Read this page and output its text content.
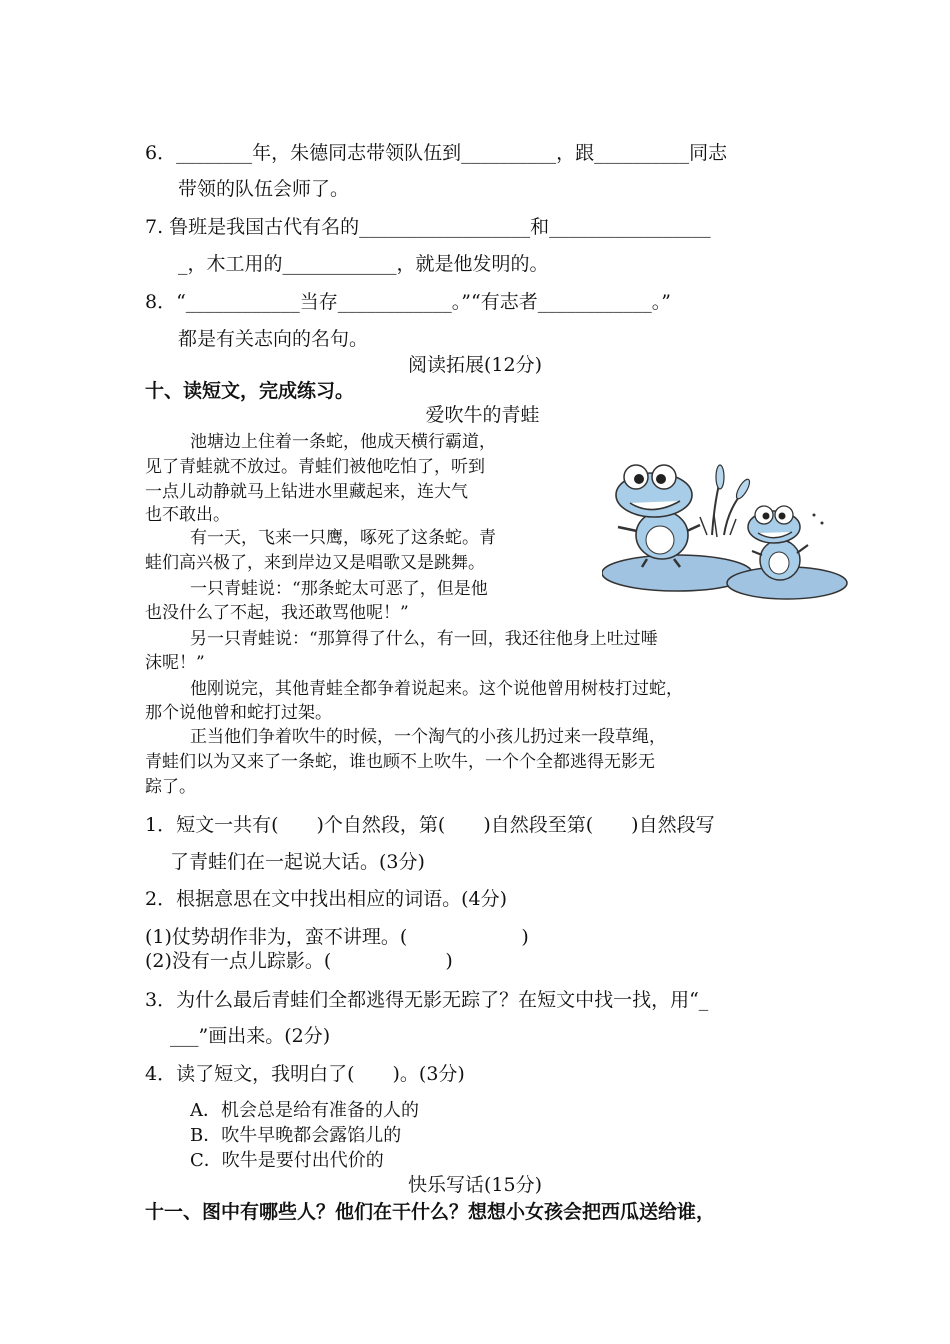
6．________年，朱德同志带领队伍到__________，跟__________同志
带领的队伍会师了。
7. 鲁班是我国古代有名的__________________和_________________
_，木工用的____________，就是他发明的。
8．“____________当存____________。”“有志者____________。”
都是有关志向的名句。
阅读拓展(12分)
十、读短文，完成练习。
爱吹牛的青蛙
池塘边上住着一条蛇，他成天横行霸道，
见了青蛙就不放过。青蛙们被他吃怕了，听到
一点儿动静就马上钻进水里藏起来，连大气
也不敢出。
有一天，飞来一只鹰，啄死了这条蛇。青
蛙们高兴极了，来到岸边又是唱歌又是跳舞。
一只青蛙说：“那条蛇太可恶了，但是他
也没什么了不起，我还敢骂他呢！”
另一只青蛙说：“那算得了什么，有一回，我还往他身上吐过唾
沫呢！”
他刚说完，其他青蛙全都争着说起来。这个说他曾用树枝打过蛇，
那个说他曾和蛇打过架。
正当他们争着吹牛的时候，一个淘气的小孩儿扔过来一段草绳，
青蛙们以为又来了一条蛇，谁也顾不上吹牛，一个个全都逃得无影无
踪了。
1．短文一共有(　　)个自然段，第(　　)自然段至第(　　)自然段写
了青蛙们在一起说大话。(3分)
2．根据意思在文中找出相应的词语。(4分)
(1)仗势胡作非为，蛮不讲理。(　　　　　　)
(2)没有一点儿踪影。(　　　　　　)
3．为什么最后青蛙们全都逃得无影无踪了？在短文中找一找，用“_
___”画出来。(2分)
4．读了短文，我明白了(　　)。(3分)
A．机会总是给有准备的人的
B．吹牛早晚都会露馅儿的
C．吹牛是要付出代价的
快乐写话(15分)
十一、图中有哪些人？他们在干什么？想想小女孩会把西瓜送给谁，
